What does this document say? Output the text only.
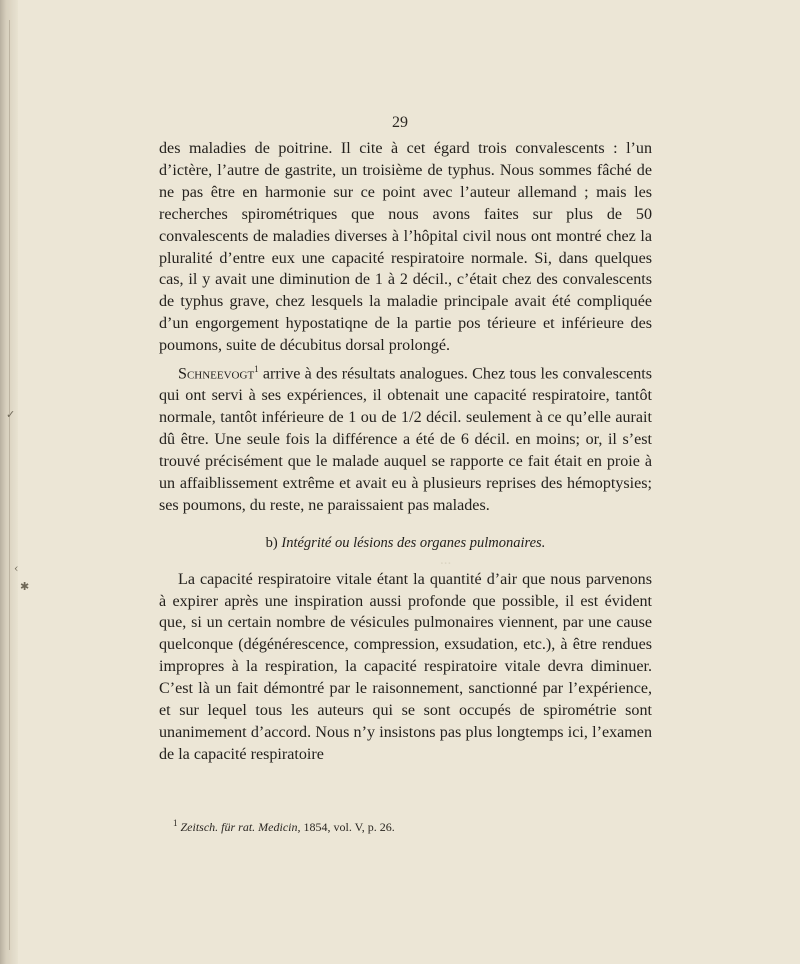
✓
‹
✱
...
29

des maladies de poitrine. Il cite à cet égard trois convalescents : l’un d’ictère, l’autre de gastrite, un troisième de typhus. Nous sommes fâché de ne pas être en harmonie sur ce point avec l’auteur allemand ; mais les recherches spirométriques que nous avons faites sur plus de 50 convalescents de maladies diverses à l’hôpital civil nous ont montré chez la pluralité d’entre eux une capacité respiratoire normale. Si, dans quelques cas, il y avait une diminution de 1 à 2 décil., c’était chez des convalescents de typhus grave, chez lesquels la maladie principale avait été compliquée d’un engorgement hypostatiqne de la partie pos térieure et inférieure des poumons, suite de décubitus dorsal prolongé.

Schneevogt$^1$ arrive à des résultats analogues. Chez tous les convalescents qui ont servi à ses expériences, il obtenait une capacité respiratoire, tantôt normale, tantôt inférieure de 1 ou de 1/2 décil. seulement à ce qu’elle aurait dû être. Une seule fois la différence a été de 6 décil. en moins; or, il s’est trouvé précisément que le malade auquel se rapporte ce fait était en proie à un affaiblissement extrême et avait eu à plusieurs reprises des hémoptysies; ses poumons, du reste, ne paraissaient pas malades.

b) Intégrité ou lésions des organes pulmonaires.

La capacité respiratoire vitale étant la quantité d’air que nous parvenons à expirer après une inspiration aussi profonde que possible, il est évident que, si un certain nombre de vésicules pulmonaires viennent, par une cause quelconque (dégénérescence, compression, exsudation, etc.), à être rendues impropres à la respiration, la capacité respiratoire vitale devra diminuer. C’est là un fait démontré par le raisonnement, sanctionné par l’expérience, et sur lequel tous les auteurs qui se sont occupés de spirométrie sont unanimement d’accord. Nous n’y insistons pas plus longtemps ici, l’examen de la capacité respiratoire

$^1$ Zeitsch. für rat. Medicin, 1854, vol. V, p. 26.
